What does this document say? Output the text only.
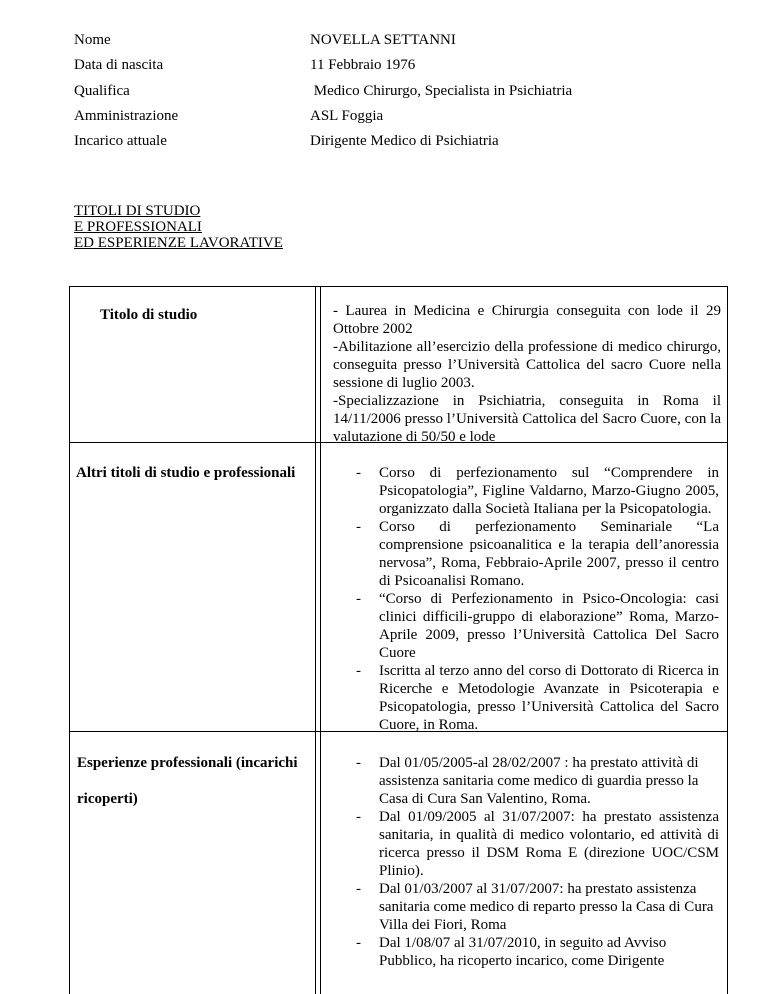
Nome	NOVELLA SETTANNI
Data di nascita	11 Febbraio 1976
Qualifica	Medico Chirurgo, Specialista in Psichiatria
Amministrazione	ASL Foggia
Incarico attuale	Dirigente Medico di Psichiatria
TITOLI DI STUDIO
E PROFESSIONALI
ED ESPERIENZE LAVORATIVE
Titolo di studio	- Laurea in Medicina e Chirurgia conseguita con lode il 29 Ottobre 2002
-Abilitazione all’esercizio della professione di medico chirurgo, conseguita presso l’Università Cattolica del sacro Cuore nella sessione di luglio 2003.
-Specializzazione in Psichiatria, conseguita in Roma il 14/11/2006 presso l’Università Cattolica del Sacro Cuore, con la valutazione di 50/50 e lode
Altri titoli di studio e professionali
-	Corso di perfezionamento sul “Comprendere in Psicopatologia”, Figline Valdarno, Marzo-Giugno 2005, organizzato dalla Società Italiana per la Psicopatologia.
- Corso di perfezionamento Seminariale “La comprensione psicoanalitica e la terapia dell’anoressia nervosa”, Roma, Febbraio-Aprile 2007, presso il centro di Psicoanalisi Romano.
- “Corso di Perfezionamento in Psico-Oncologia: casi clinici difficili-gruppo di elaborazione” Roma, Marzo-Aprile 2009, presso l’Università Cattolica Del Sacro Cuore
- Iscritta al terzo anno del corso di Dottorato di Ricerca in Ricerche e Metodologie Avanzate in Psicoterapia e Psicopatologia, presso l’Università Cattolica del Sacro Cuore, in Roma.
Esperienze professionali (incarichi
ricoperti)
- Dal 01/05/2005-al 28/02/2007 : ha prestato attività di assistenza sanitaria come medico di guardia presso la Casa di Cura San Valentino, Roma.
- Dal 01/09/2005 al 31/07/2007: ha prestato assistenza sanitaria, in qualità di medico volontario, ed attività di ricerca presso il DSM Roma E (direzione UOC/CSM Plinio).
- Dal 01/03/2007 al 31/07/2007: ha prestato assistenza sanitaria come medico di reparto presso la Casa di Cura Villa dei Fiori, Roma
- Dal 1/08/07 al 31/07/2010, in seguito ad Avviso Pubblico, ha ricoperto incarico, come Dirigente
